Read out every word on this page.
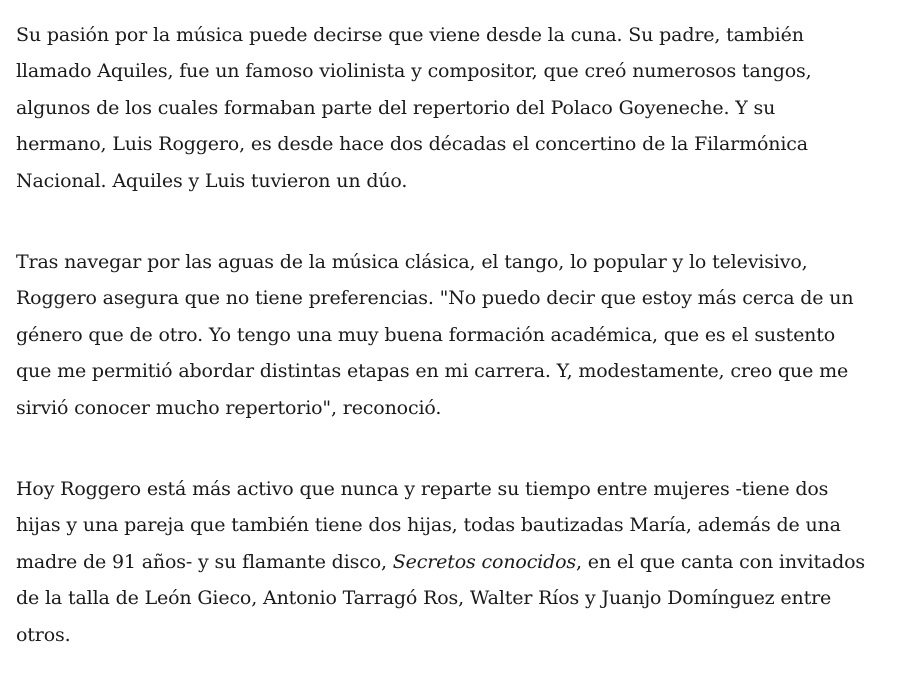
Su pasión por la música puede decirse que viene desde la cuna. Su padre, también
llamado Aquiles, fue un famoso violinista y compositor, que creó numerosos tangos,
algunos de los cuales formaban parte del repertorio del Polaco Goyeneche. Y su
hermano, Luis Roggero, es desde hace dos décadas el concertino de la Filarmónica
Nacional. Aquiles y Luis tuvieron un dúo.

Tras navegar por las aguas de la música clásica, el tango, lo popular y lo televisivo,
Roggero asegura que no tiene preferencias. "No puedo decir que estoy más cerca de un
género que de otro. Yo tengo una muy buena formación académica, que es el sustento
que me permitió abordar distintas etapas en mi carrera. Y, modestamente, creo que me
sirvió conocer mucho repertorio", reconoció.

Hoy Roggero está más activo que nunca y reparte su tiempo entre mujeres -tiene dos
hijas y una pareja que también tiene dos hijas, todas bautizadas María, además de una
madre de 91 años- y su flamante disco, Secretos conocidos, en el que canta con invitados
de la talla de León Gieco, Antonio Tarragó Ros, Walter Ríos y Juanjo Domínguez entre
otros.
